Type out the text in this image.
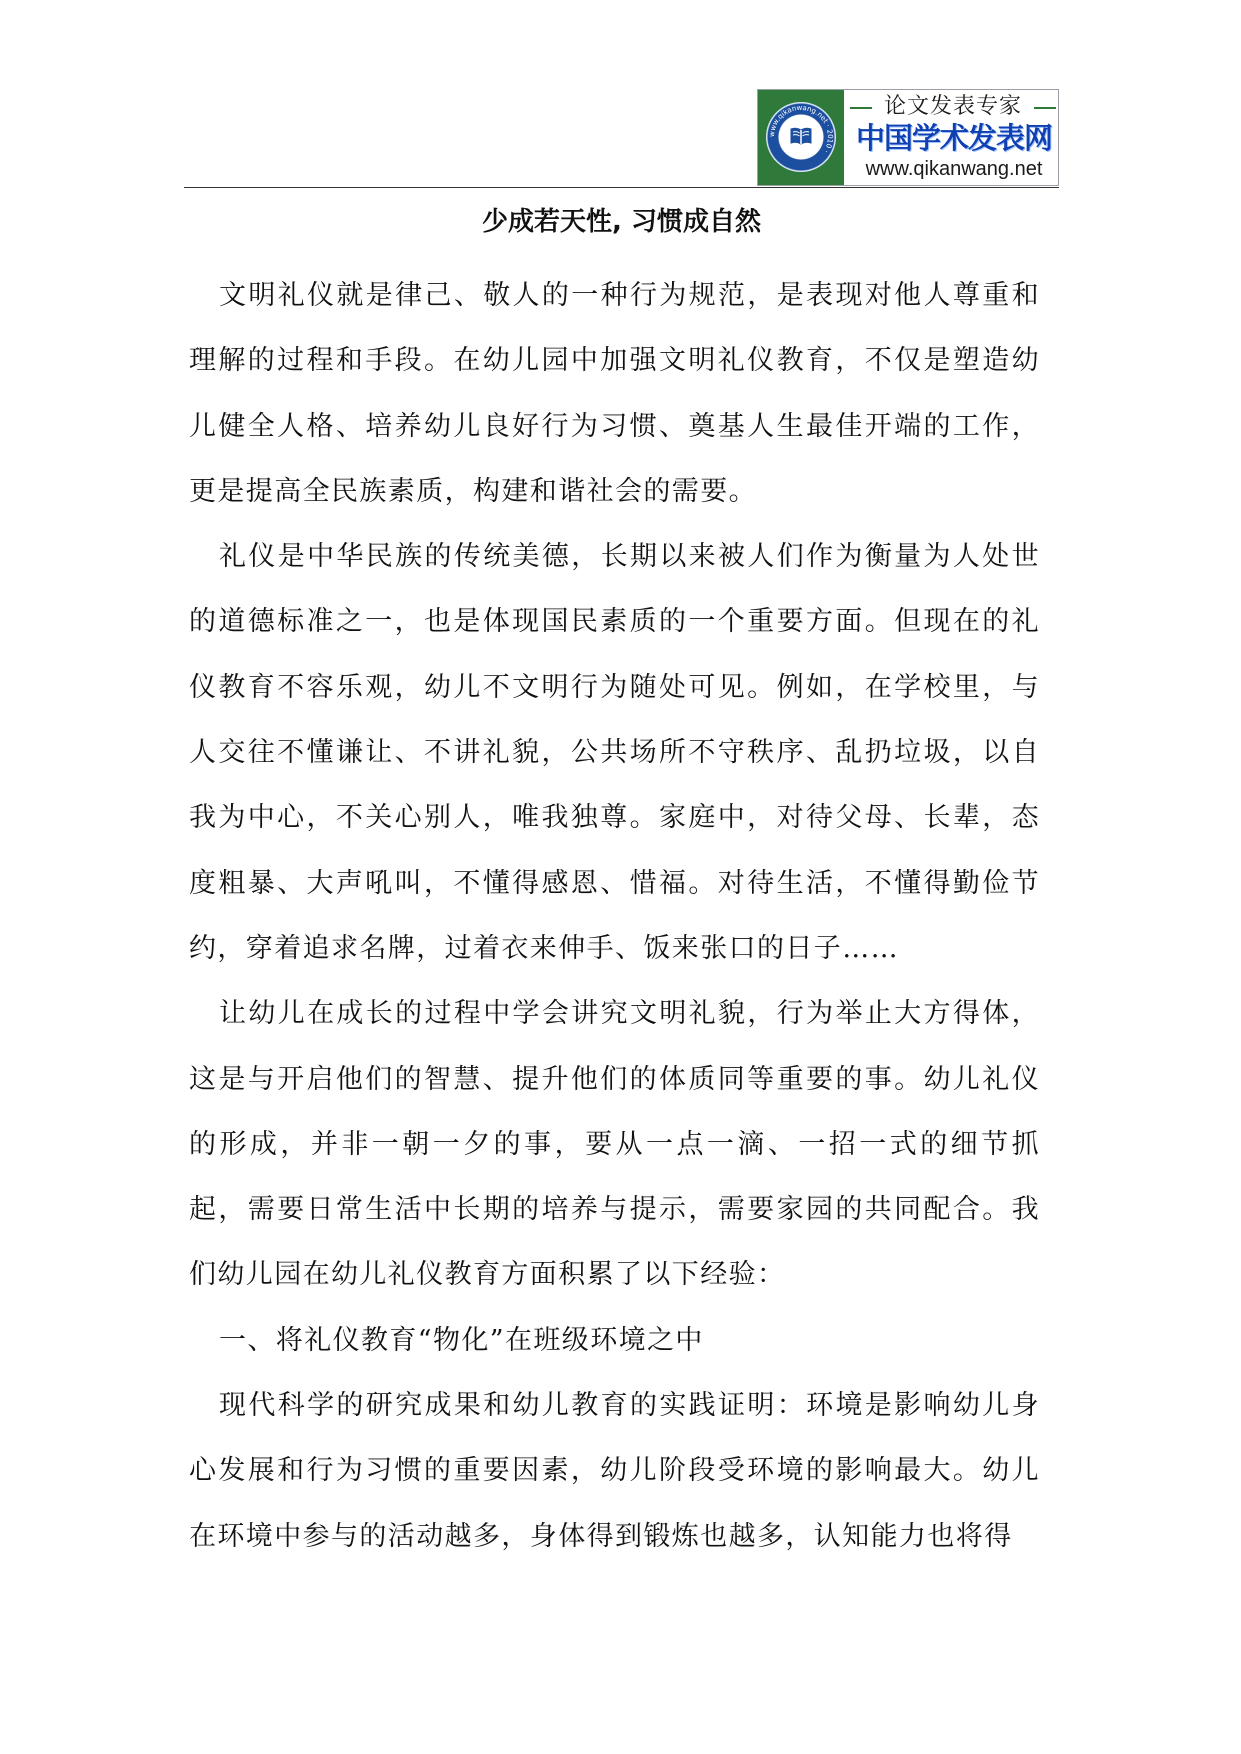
www.qikanwang.net · 2010 ·
论文发表专家
中国学术发表网
www.qikanwang.net
少成若天性, 习惯成自然

文明礼仪就是律己、敬人的一种行为规范，是表现对他人尊重和理解的过程和手段。在幼儿园中加强文明礼仪教育，不仅是塑造幼儿健全人格、培养幼儿良好行为习惯、奠基人生最佳开端的工作，更是提高全民族素质，构建和谐社会的需要。

礼仪是中华民族的传统美德，长期以来被人们作为衡量为人处世的道德标准之一，也是体现国民素质的一个重要方面。但现在的礼仪教育不容乐观，幼儿不文明行为随处可见。例如，在学校里，与人交往不懂谦让、不讲礼貌，公共场所不守秩序、乱扔垃圾，以自我为中心，不关心别人，唯我独尊。家庭中，对待父母、长辈，态度粗暴、大声吼叫，不懂得感恩、惜福。对待生活，不懂得勤俭节约，穿着追求名牌，过着衣来伸手、饭来张口的日子……

让幼儿在成长的过程中学会讲究文明礼貌，行为举止大方得体，这是与开启他们的智慧、提升他们的体质同等重要的事。幼儿礼仪的形成，并非一朝一夕的事，要从一点一滴、一招一式的细节抓起，需要日常生活中长期的培养与提示，需要家园的共同配合。我们幼儿园在幼儿礼仪教育方面积累了以下经验：

一、将礼仪教育“物化”在班级环境之中

现代科学的研究成果和幼儿教育的实践证明：环境是影响幼儿身心发展和行为习惯的重要因素，幼儿阶段受环境的影响最大。幼儿在环境中参与的活动越多，身体得到锻炼也越多，认知能力也将得
